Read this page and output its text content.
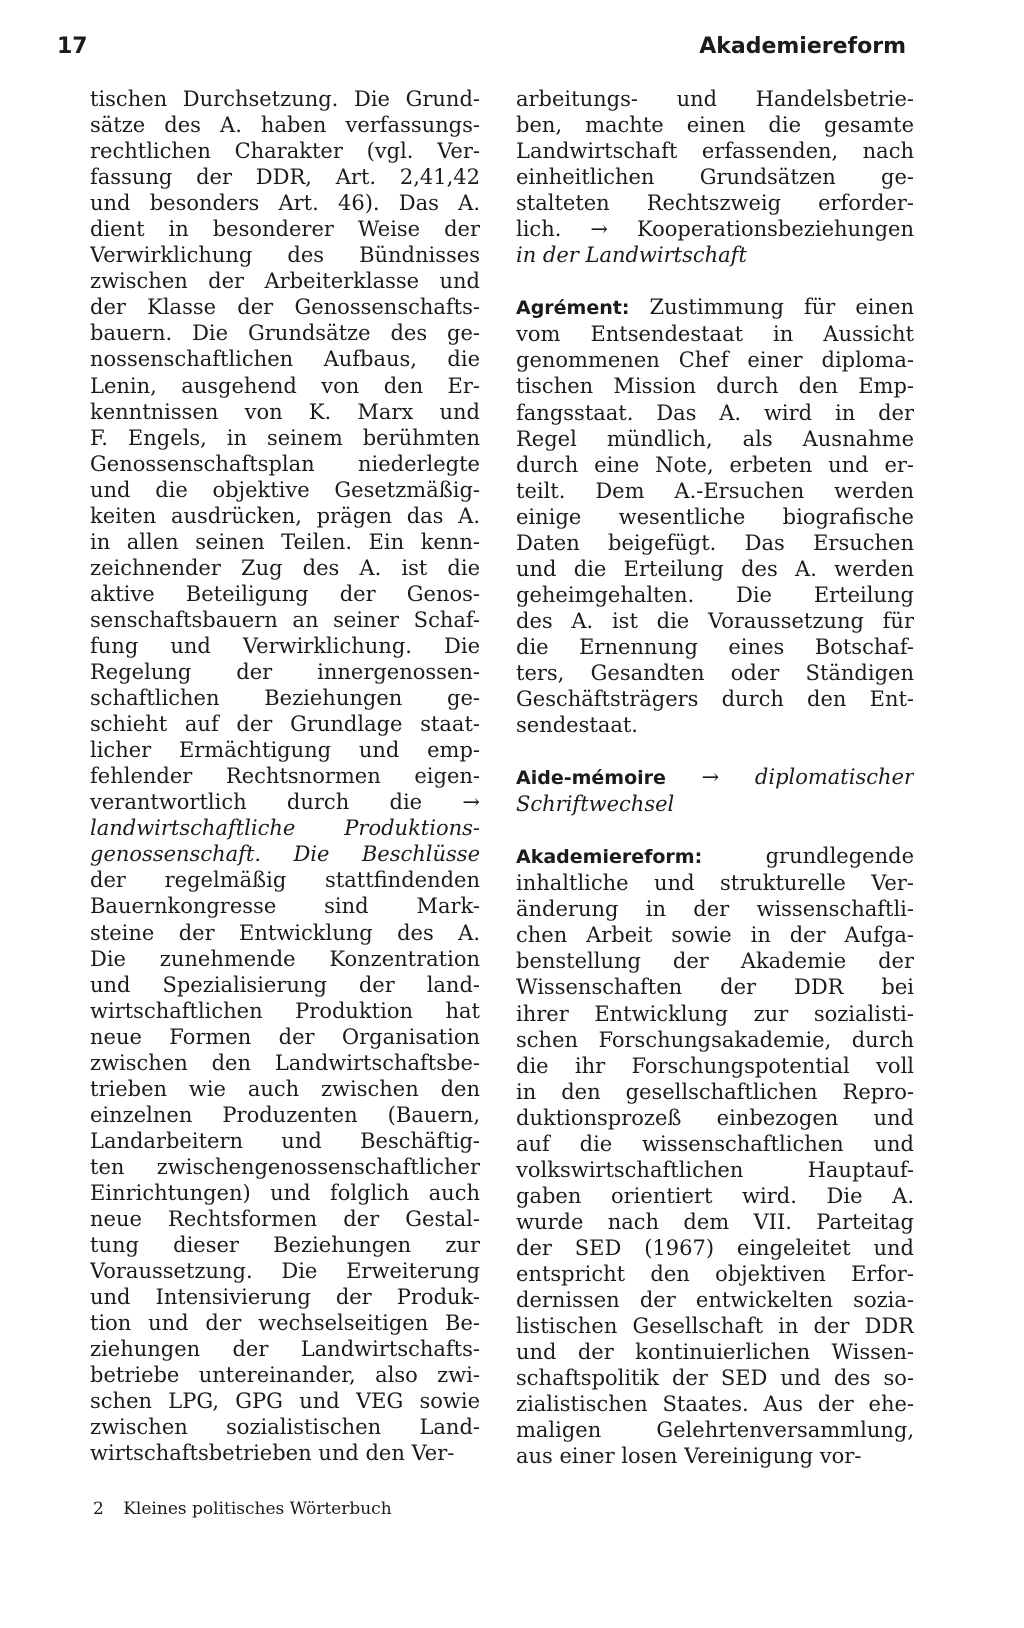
17	Akademiereform
tischen Durchsetzung. Die Grund-
sätze des A. haben verfassungs-
rechtlichen Charakter (vgl. Ver-
fassung der DDR, Art. 2,41,42
und besonders Art. 46). Das A.
dient in besonderer Weise der
Verwirklichung des Bündnisses
zwischen der Arbeiterklasse und
der Klasse der Genossenschafts-
bauern. Die Grundsätze des ge-
nossenschaftlichen Aufbaus, die
Lenin, ausgehend von den Er-
kenntnissen von K. Marx und
F. Engels, in seinem berühmten
Genossenschaftsplan niederlegte
und die objektive Gesetzmäßig-
keiten ausdrücken, prägen das A.
in allen seinen Teilen. Ein kenn-
zeichnender Zug des A. ist die
aktive Beteiligung der Genos-
senschaftsbauern an seiner Schaf-
fung und Verwirklichung. Die
Regelung der innergenossen-
schaftlichen Beziehungen ge-
schieht auf der Grundlage staat-
licher Ermächtigung und emp-
fehlender Rechtsnormen eigen-
verantwortlich durch die →
landwirtschaftliche Produktions-
genossenschaft. Die Beschlüsse
der regelmäßig stattfindenden
Bauernkongresse sind Mark-
steine der Entwicklung des A.
Die zunehmende Konzentration
und Spezialisierung der land-
wirtschaftlichen Produktion hat
neue Formen der Organisation
zwischen den Landwirtschaftsbe-
trieben wie auch zwischen den
einzelnen Produzenten (Bauern,
Landarbeitern und Beschäftig-
ten zwischengenossenschaftlicher
Einrichtungen) und folglich auch
neue Rechtsformen der Gestal-
tung dieser Beziehungen zur
Voraussetzung. Die Erweiterung
und Intensivierung der Produk-
tion und der wechselseitigen Be-
ziehungen der Landwirtschafts-
betriebe untereinander, also zwi-
schen LPG, GPG und VEG sowie
zwischen sozialistischen Land-
wirtschaftsbetrieben und den Ver-
arbeitungs- und Handelsbetrie-
ben, machte einen die gesamte
Landwirtschaft erfassenden, nach
einheitlichen Grundsätzen ge-
stalteten Rechtszweig erforder-
lich. → Kooperationsbeziehungen
in der Landwirtschaft
Agrément: Zustimmung für einen
vom Entsendestaat in Aussicht
genommenen Chef einer diploma-
tischen Mission durch den Emp-
fangsstaat. Das A. wird in der
Regel mündlich, als Ausnahme
durch eine Note, erbeten und er-
teilt. Dem A.-Ersuchen werden
einige wesentliche biografische
Daten beigefügt. Das Ersuchen
und die Erteilung des A. werden
geheimgehalten. Die Erteilung
des A. ist die Voraussetzung für
die Ernennung eines Botschaf-
ters, Gesandten oder Ständigen
Geschäftsträgers durch den Ent-
sendestaat.
Aide-mémoire → diplomatischer
Schriftwechsel
Akademiereform: grundlegende
inhaltliche und strukturelle Ver-
änderung in der wissenschaftli-
chen Arbeit sowie in der Aufga-
benstellung der Akademie der
Wissenschaften der DDR bei
ihrer Entwicklung zur sozialisti-
schen Forschungsakademie, durch
die ihr Forschungspotential voll
in den gesellschaftlichen Repro-
duktionsprozeß einbezogen und
auf die wissenschaftlichen und
volkswirtschaftlichen Hauptauf-
gaben orientiert wird. Die A.
wurde nach dem VII. Parteitag
der SED (1967) eingeleitet und
entspricht den objektiven Erfor-
dernissen der entwickelten sozia-
listischen Gesellschaft in der DDR
und der kontinuierlichen Wissen-
schaftspolitik der SED und des so-
zialistischen Staates. Aus der ehe-
maligen Gelehrtenversammlung,
aus einer losen Vereinigung vor-
2 Kleines politisches Wörterbuch
